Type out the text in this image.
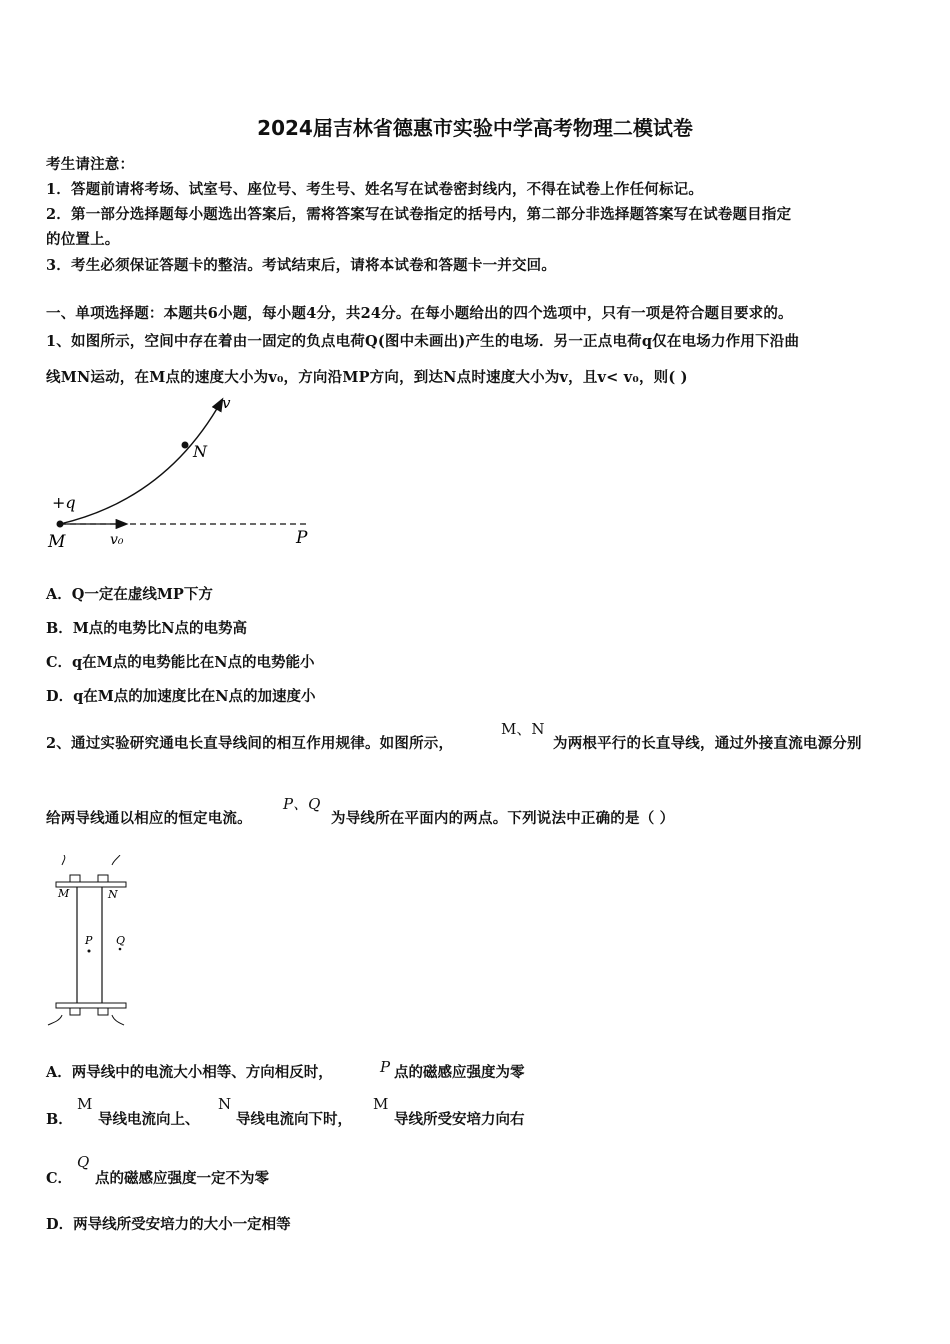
2024届吉林省德惠市实验中学高考物理二模试卷
考生请注意：
1．答题前请将考场、试室号、座位号、考生号、姓名写在试卷密封线内，不得在试卷上作任何标记。
2．第一部分选择题每小题选出答案后，需将答案写在试卷指定的括号内，第二部分非选择题答案写在试卷题目指定
的位置上。
3．考生必须保证答题卡的整洁。考试结束后，请将本试卷和答题卡一并交回。
一、单项选择题：本题共6小题，每小题4分，共24分。在每小题给出的四个选项中，只有一项是符合题目要求的。
1、如图所示，空间中存在着由一固定的负点电荷Q(图中未画出)产生的电场．另一正点电荷q仅在电场力作用下沿曲
线MN运动，在M点的速度大小为v₀，方向沿MP方向，到达N点时速度大小为v，且v< v₀，则( )
v
N
+q
M	v₀	P
A．Q一定在虚线MP下方
B．M点的电势比N点的电势高
C．q在M点的电势能比在N点的电势能小
D．q在M点的加速度比在N点的加速度小
2、通过实验研究通电长直导线间的相互作用规律。如图所示，
M、N
为两根平行的长直导线，通过外接直流电源分别
给两导线通以相应的恒定电流。
P、Q
为导线所在平面内的两点。下列说法中正确的是（ ）
M	N
P Q
A．两导线中的电流大小相等、方向相反时，	P 点的磁感应强度为零
B．
M
导线电流向上、
N
导线电流向下时，
M
导线所受安培力向右
C．
Q
点的磁感应强度一定不为零
D．两导线所受安培力的大小一定相等
